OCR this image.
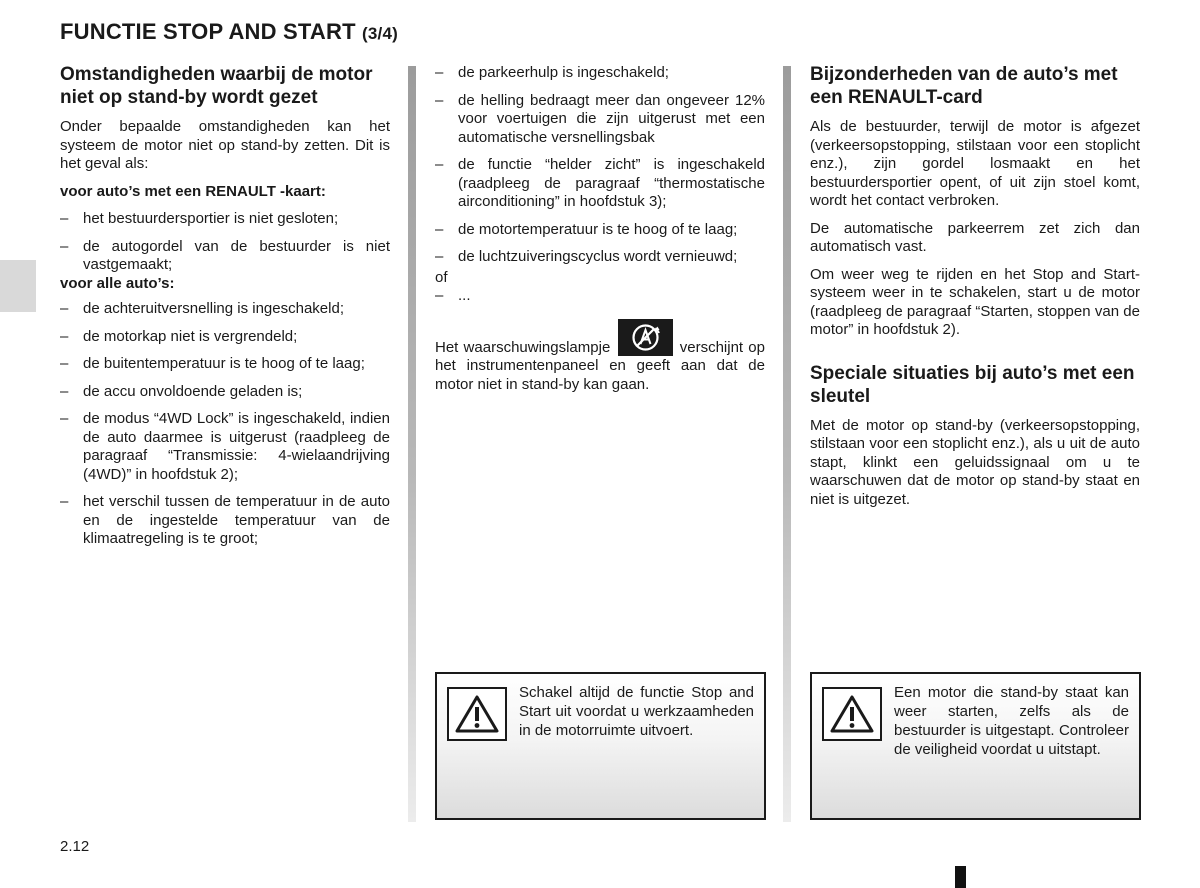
FUNCTIE STOP AND START (3/4)

Omstandigheden waarbij de motor niet op stand-by wordt gezet

Onder bepaalde omstandigheden kan het systeem de motor niet op stand-by zetten. Dit is het geval als:

voor auto’s met een RENAULT -kaart:

– het bestuurdersportier is niet gesloten;
– de autogordel van de bestuurder is niet vastgemaakt;

voor alle auto’s:

– de achteruitversnelling is ingeschakeld;
– de motorkap niet is vergrendeld;
– de buitentemperatuur is te hoog of te laag;
– de accu onvoldoende geladen is;
– de modus “4WD Lock” is ingeschakeld, indien de auto daarmee is uitgerust (raadpleeg de paragraaf “Transmissie: 4-wielaandrijving (4WD)” in hoofdstuk 2);
– het verschil tussen de temperatuur in de auto en de ingestelde temperatuur van de klimaatregeling is te groot;
– de parkeerhulp is ingeschakeld;
– de helling bedraagt meer dan ongeveer 12% voor voertuigen die zijn uitgerust met een automatische versnellingsbak
– de functie “helder zicht” is ingeschakeld (raadpleeg de paragraaf “thermostatische airconditioning” in hoofdstuk 3);
– de motortemperatuur is te hoog of te laag;
– de luchtzuiveringscyclus wordt vernieuwd;

of

– ...

Het waarschuwingslampje	verschijnt op het instrumentenpaneel en geeft aan dat de motor niet in stand-by kan gaan.

Schakel altijd de functie Stop and Start uit voordat u werkzaamheden in de motorruimte uitvoert.

Bijzonderheden van de auto’s met een RENAULT-card

Als de bestuurder, terwijl de motor is afgezet (verkeersopstopping, stilstaan voor een stoplicht enz.), zijn gordel losmaakt en het bestuurdersportier opent, of uit zijn stoel komt, wordt het contact verbroken.

De automatische parkeerrem zet zich dan automatisch vast.

Om weer weg te rijden en het Stop and Start-systeem weer in te schakelen, start u de motor (raadpleeg de paragraaf “Starten, stoppen van de motor” in hoofdstuk 2).

Speciale situaties bij auto’s met een sleutel

Met de motor op stand-by (verkeersopstopping, stilstaan voor een stoplicht enz.), als u uit de auto stapt, klinkt een geluidssignaal om u te waarschuwen dat de motor op stand-by staat en niet is uitgezet.

Een motor die stand-by staat kan weer starten, zelfs als de bestuurder is uitgestapt. Controleer de veiligheid voordat u uitstapt.
2.12
